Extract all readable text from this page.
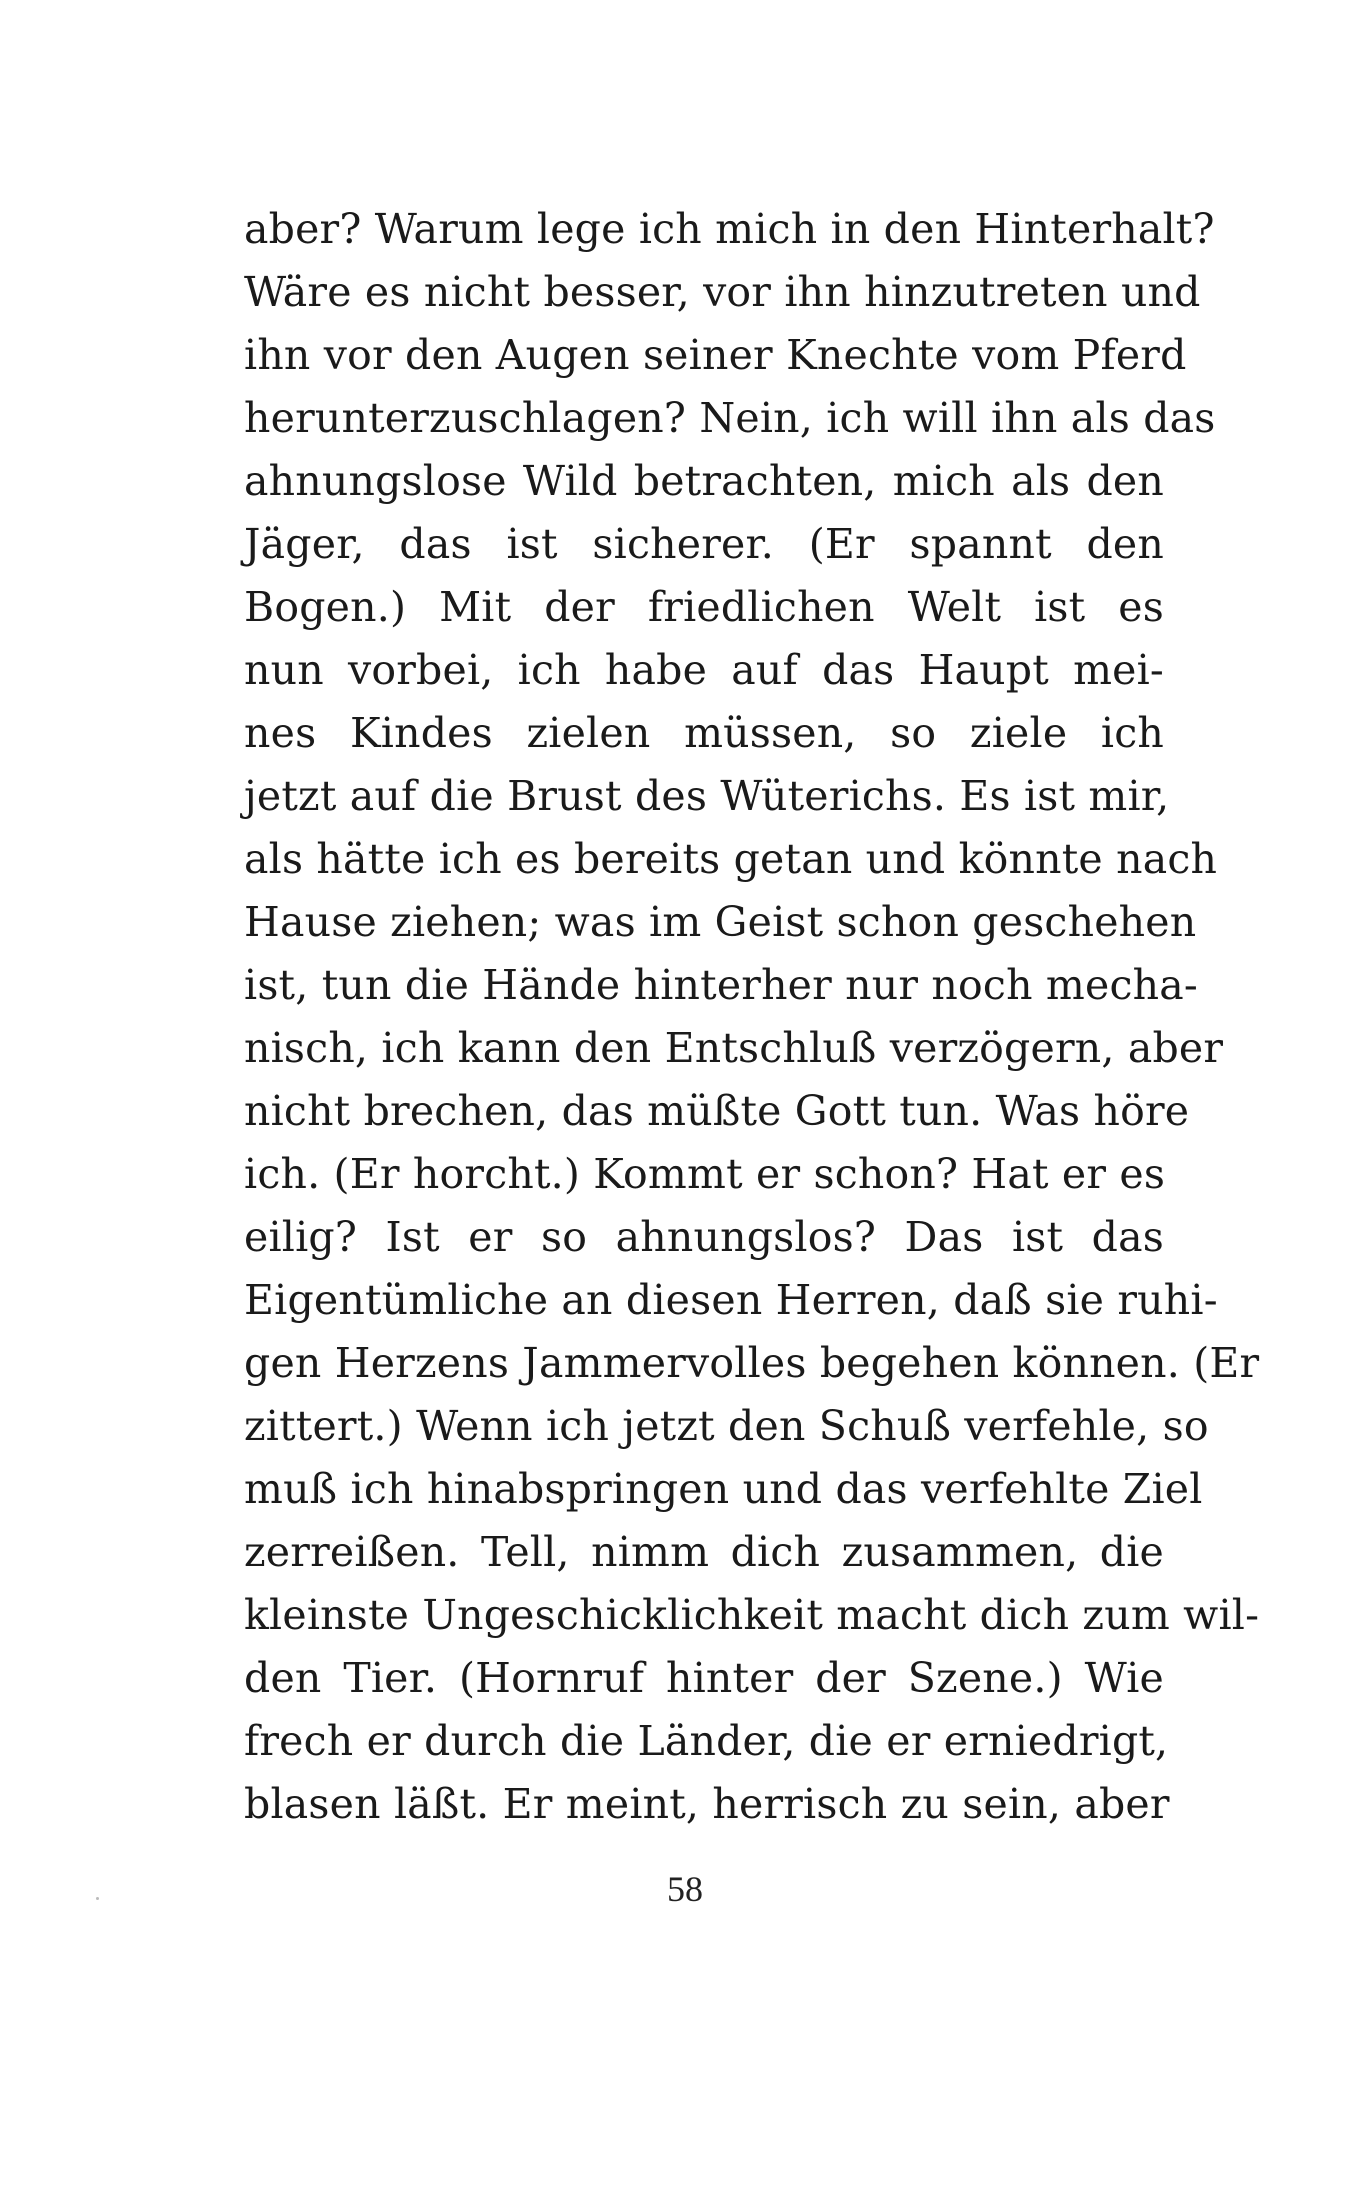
aber? Warum lege ich mich in den Hinterhalt?
Wäre es nicht besser, vor ihn hinzutreten und
ihn vor den Augen seiner Knechte vom Pferd
herunterzuschlagen? Nein, ich will ihn als das
ahnungslose Wild betrachten, mich als den
Jäger, das ist sicherer. (Er spannt den
Bogen.) Mit der friedlichen Welt ist es
nun vorbei, ich habe auf das Haupt mei-
nes Kindes zielen müssen, so ziele ich
jetzt auf die Brust des Wüterichs. Es ist mir,
als hätte ich es bereits getan und könnte nach
Hause ziehen; was im Geist schon geschehen
ist, tun die Hände hinterher nur noch mecha-
nisch, ich kann den Entschluß verzögern, aber
nicht brechen, das müßte Gott tun. Was höre
ich. (Er horcht.) Kommt er schon? Hat er es
eilig? Ist er so ahnungslos? Das ist das
Eigentümliche an diesen Herren, daß sie ruhi-
gen Herzens Jammervolles begehen können. (Er
zittert.) Wenn ich jetzt den Schuß verfehle, so
muß ich hinabspringen und das verfehlte Ziel
zerreißen. Tell, nimm dich zusammen, die
kleinste Ungeschicklichkeit macht dich zum wil-
den Tier. (Hornruf hinter der Szene.) Wie
frech er durch die Länder, die er erniedrigt,
blasen läßt. Er meint, herrisch zu sein, aber
58
